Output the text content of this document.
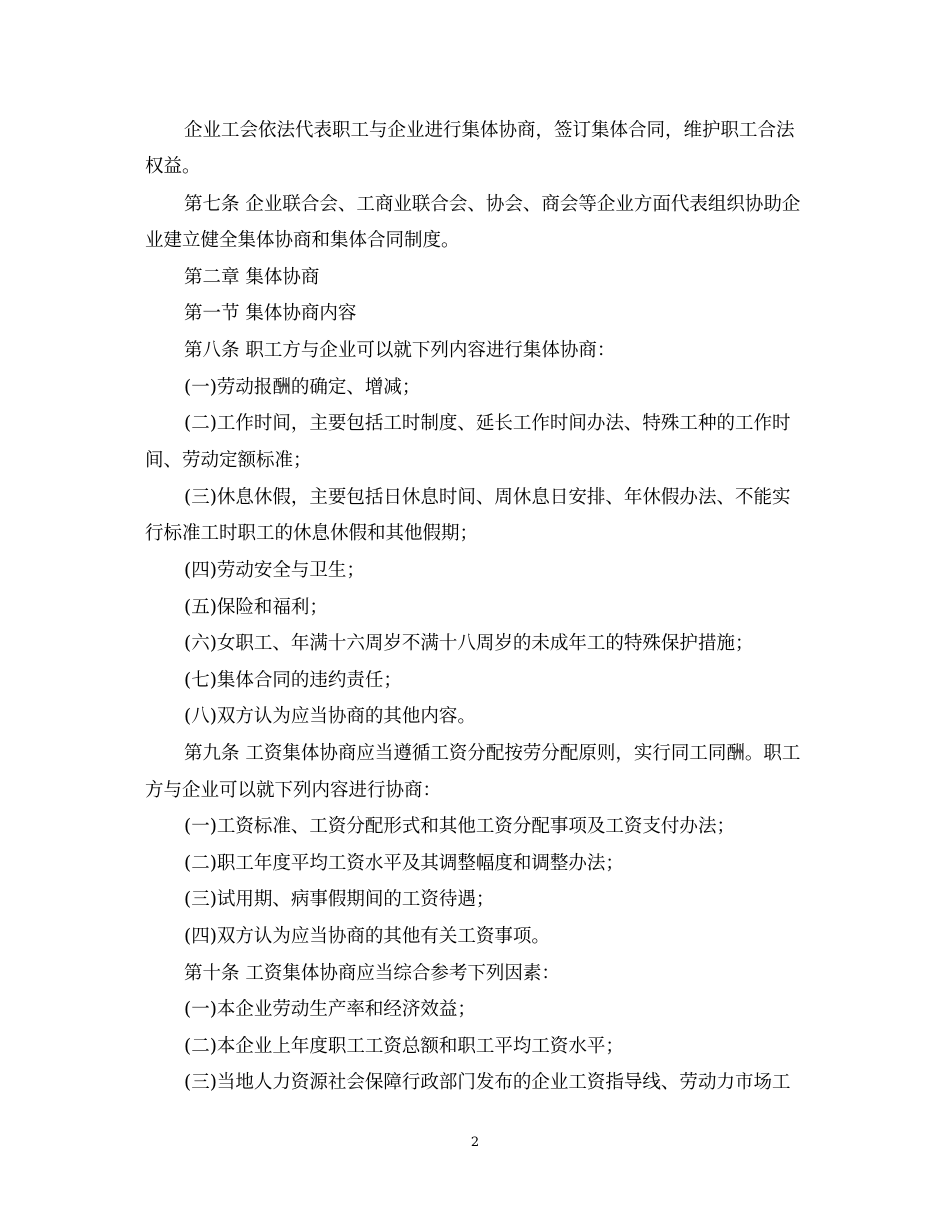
企业工会依法代表职工与企业进行集体协商，签订集体合同，维护职工合法
权益。
第七条 企业联合会、工商业联合会、协会、商会等企业方面代表组织协助企
业建立健全集体协商和集体合同制度。
第二章 集体协商
第一节 集体协商内容
第八条 职工方与企业可以就下列内容进行集体协商：
(一)劳动报酬的确定、增减；
(二)工作时间，主要包括工时制度、延长工作时间办法、特殊工种的工作时
间、劳动定额标准；
(三)休息休假，主要包括日休息时间、周休息日安排、年休假办法、不能实
行标准工时职工的休息休假和其他假期；
(四)劳动安全与卫生；
(五)保险和福利；
(六)女职工、年满十六周岁不满十八周岁的未成年工的特殊保护措施；
(七)集体合同的违约责任；
(八)双方认为应当协商的其他内容。
第九条 工资集体协商应当遵循工资分配按劳分配原则，实行同工同酬。职工
方与企业可以就下列内容进行协商：
(一)工资标准、工资分配形式和其他工资分配事项及工资支付办法；
(二)职工年度平均工资水平及其调整幅度和调整办法；
(三)试用期、病事假期间的工资待遇；
(四)双方认为应当协商的其他有关工资事项。
第十条 工资集体协商应当综合参考下列因素：
(一)本企业劳动生产率和经济效益；
(二)本企业上年度职工工资总额和职工平均工资水平；
(三)当地人力资源社会保障行政部门发布的企业工资指导线、劳动力市场工
2
